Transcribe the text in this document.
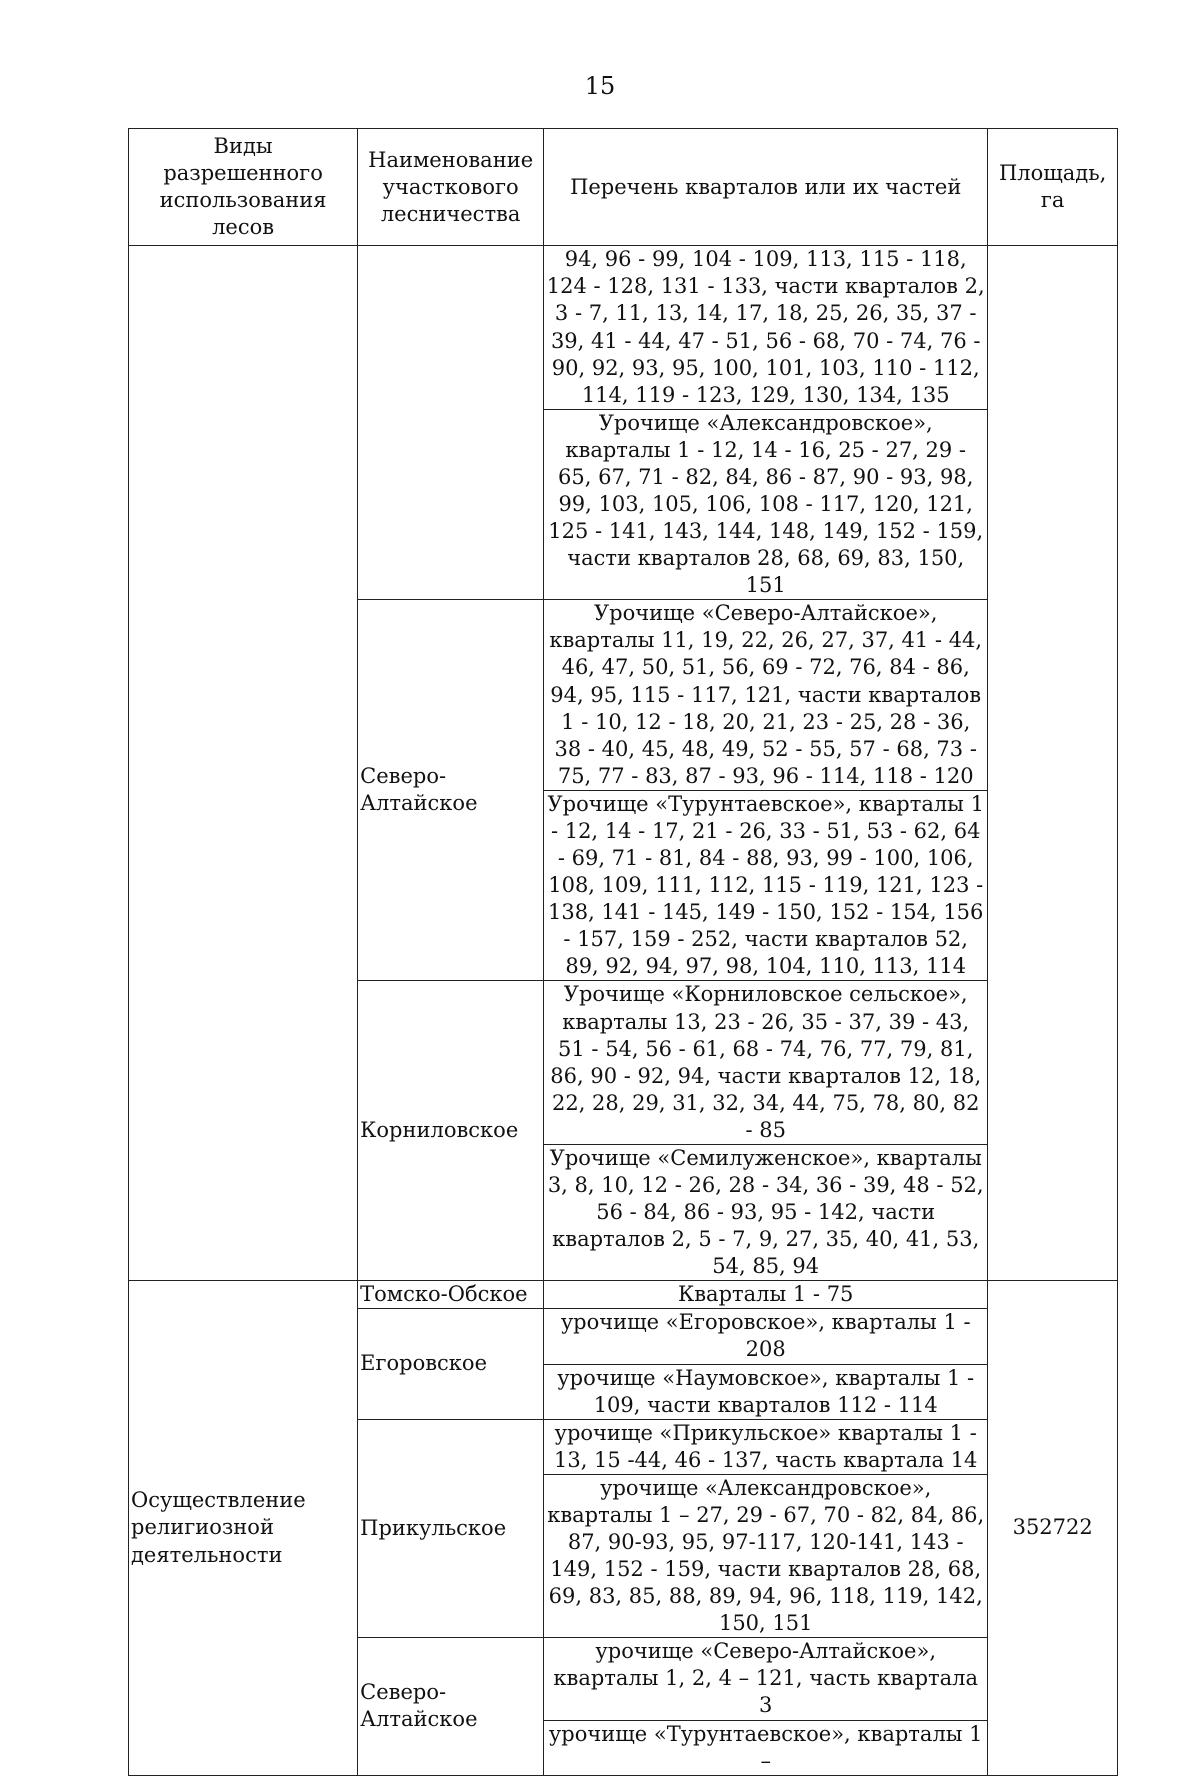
15
Виды разрешенного использования лесов	Наименование участкового лесничества	Перечень кварталов или их частей	Площадь, га
		94, 96 - 99, 104 - 109, 113, 115 - 118, 124 - 128, 131 - 133, части кварталов 2, 3 - 7, 11, 13, 14, 17, 18, 25, 26, 35, 37 - 39, 41 - 44, 47 - 51, 56 - 68, 70 - 74, 76 - 90, 92, 93, 95, 100, 101, 103, 110 - 112, 114, 119 - 123, 129, 130, 134, 135	
		Урочище «Александровское», кварталы 1 - 12, 14 - 16, 25 - 27, 29 - 65, 67, 71 - 82, 84, 86 - 87, 90 - 93, 98, 99, 103, 105, 106, 108 - 117, 120, 121, 125 - 141, 143, 144, 148, 149, 152 - 159, части кварталов 28, 68, 69, 83, 150, 151	
	Северо-Алтайское	Урочище «Северо-Алтайское», кварталы 11, 19, 22, 26, 27, 37, 41 - 44, 46, 47, 50, 51, 56, 69 - 72, 76, 84 - 86, 94, 95, 115 - 117, 121, части кварталов 1 - 10, 12 - 18, 20, 21, 23 - 25, 28 - 36, 38 - 40, 45, 48, 49, 52 - 55, 57 - 68, 73 - 75, 77 - 83, 87 - 93, 96 - 114, 118 - 120	
		Урочище «Турунтаевское», кварталы 1 - 12, 14 - 17, 21 - 26, 33 - 51, 53 - 62, 64 - 69, 71 - 81, 84 - 88, 93, 99 - 100, 106, 108, 109, 111, 112, 115 - 119, 121, 123 - 138, 141 - 145, 149 - 150, 152 - 154, 156 - 157, 159 - 252, части кварталов 52, 89, 92, 94, 97, 98, 104, 110, 113, 114	
	Корниловское	Урочище «Корниловское сельское», кварталы 13, 23 - 26, 35 - 37, 39 - 43, 51 - 54, 56 - 61, 68 - 74, 76, 77, 79, 81, 86, 90 - 92, 94, части кварталов 12, 18, 22, 28, 29, 31, 32, 34, 44, 75, 78, 80, 82 - 85	
		Урочище «Семилуженское», кварталы 3, 8, 10, 12 - 26, 28 - 34, 36 - 39, 48 - 52, 56 - 84, 86 - 93, 95 - 142, части кварталов 2, 5 - 7, 9, 27, 35, 40, 41, 53, 54, 85, 94	
Осуществление религиозной деятельности	Томско-Обское	Кварталы 1 - 75	352722
	Егоровское	урочище «Егоровское», кварталы 1 - 208	
		урочище «Наумовское», кварталы 1 - 109, части кварталов 112 - 114	
	Прикульское	урочище «Прикульское» кварталы 1 - 13, 15 -44, 46 - 137, часть квартала 14	
		урочище «Александровское», кварталы 1 – 27, 29 - 67, 70 - 82, 84, 86, 87, 90-93, 95, 97-117, 120-141, 143 - 149, 152 - 159, части кварталов 28, 68, 69, 83, 85, 88, 89, 94, 96, 118, 119, 142, 150, 151	
	Северо-Алтайское	урочище «Северо-Алтайское», кварталы 1, 2, 4 – 121, часть квартала 3	
		урочище «Турунтаевское», кварталы 1 –	
